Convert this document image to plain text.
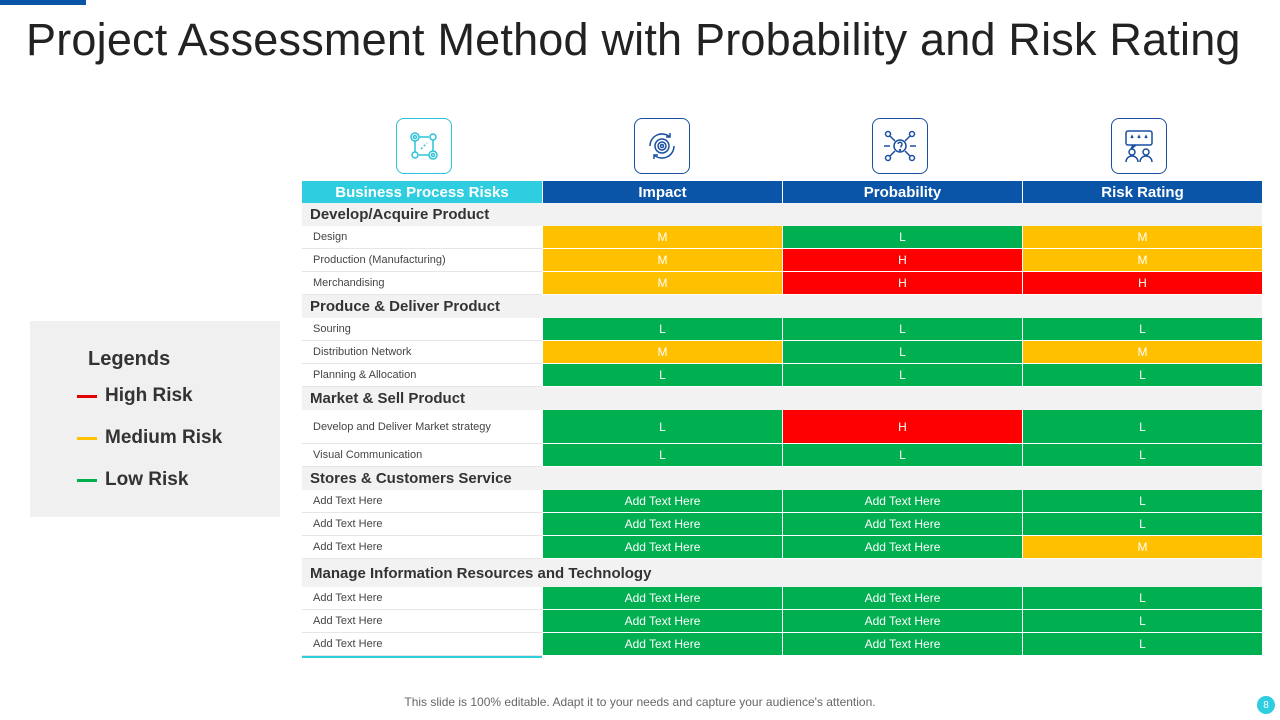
Project Assessment Method with Probability and Risk Rating
Legends
High Risk
Medium Risk
Low Risk
Business Process Risks	Impact	Probability	Risk Rating
Develop/Acquire Product
Design	M	L	M
Production (Manufacturing)	M	H	M
Merchandising	M	H	H
Produce & Deliver Product
Souring	L	L	L
Distribution Network	M	L	M
Planning & Allocation	L	L	L
Market & Sell Product
Develop and Deliver Market strategy	L	H	L
Visual Communication	L	L	L
Stores & Customers Service
Add Text Here	Add Text Here	Add Text Here	L
Add Text Here	Add Text Here	Add Text Here	L
Add Text Here	Add Text Here	Add Text Here	M
Manage Information Resources and Technology
Add Text Here	Add Text Here	Add Text Here	L
Add Text Here	Add Text Here	Add Text Here	L
Add Text Here	Add Text Here	Add Text Here	L
This slide is 100% editable. Adapt it to your needs and capture your audience's attention.	8
